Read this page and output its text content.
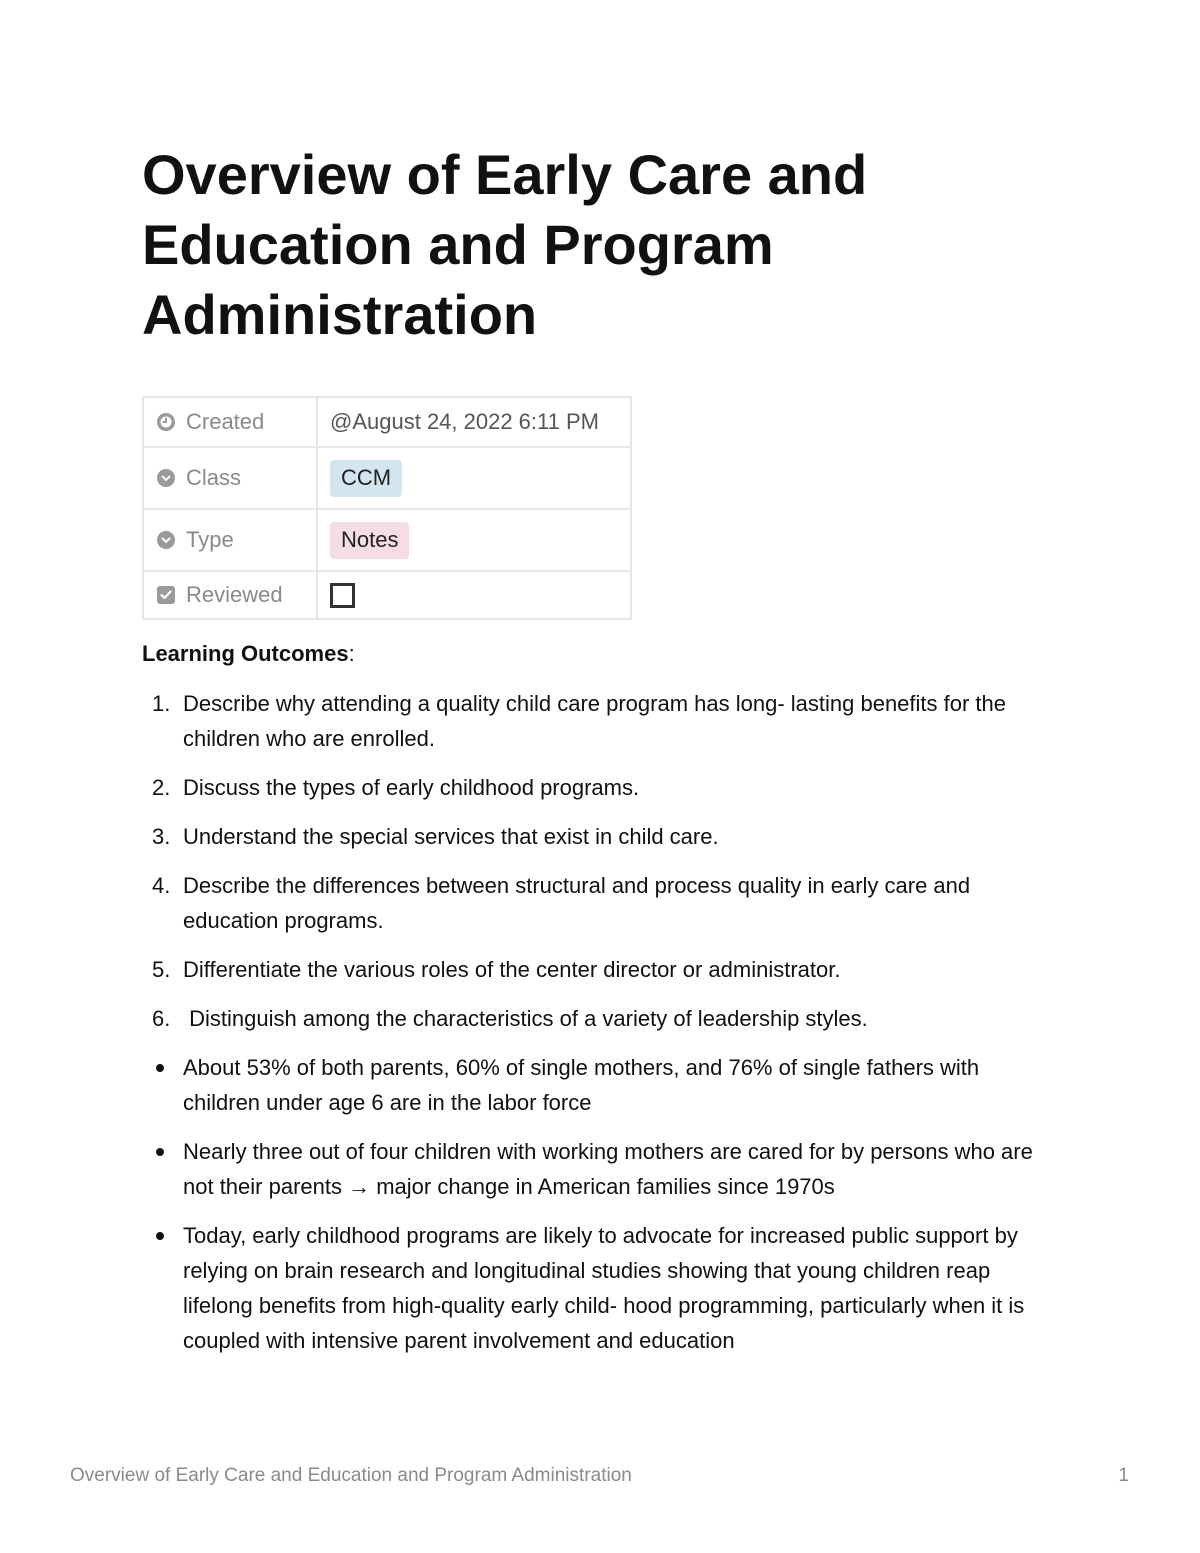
Overview of Early Care and Education and Program Administration
Created	@August 24, 2022 6:11 PM
Class	CCM
Type	Notes
Reviewed	

Learning Outcomes:

1. Describe why attending a quality child care program has long- lasting benefits for the children who are enrolled.
2. Discuss the types of early childhood programs.
3. Understand the special services that exist in child care.
4. Describe the differences between structural and process quality in early care and education programs.
5. Differentiate the various roles of the center director or administrator.
6. Distinguish among the characteristics of a variety of leadership styles.
About 53% of both parents, 60% of single mothers, and 76% of single fathers with children under age 6 are in the labor force
Nearly three out of four children with working mothers are cared for by persons who are not their parents → major change in American families since 1970s
Today, early childhood programs are likely to advocate for increased public support by relying on brain research and longitudinal studies showing that young children reap lifelong benefits from high-quality early child- hood programming, particularly when it is coupled with intensive parent involvement and education
Overview of Early Care and Education and Program Administration	1
